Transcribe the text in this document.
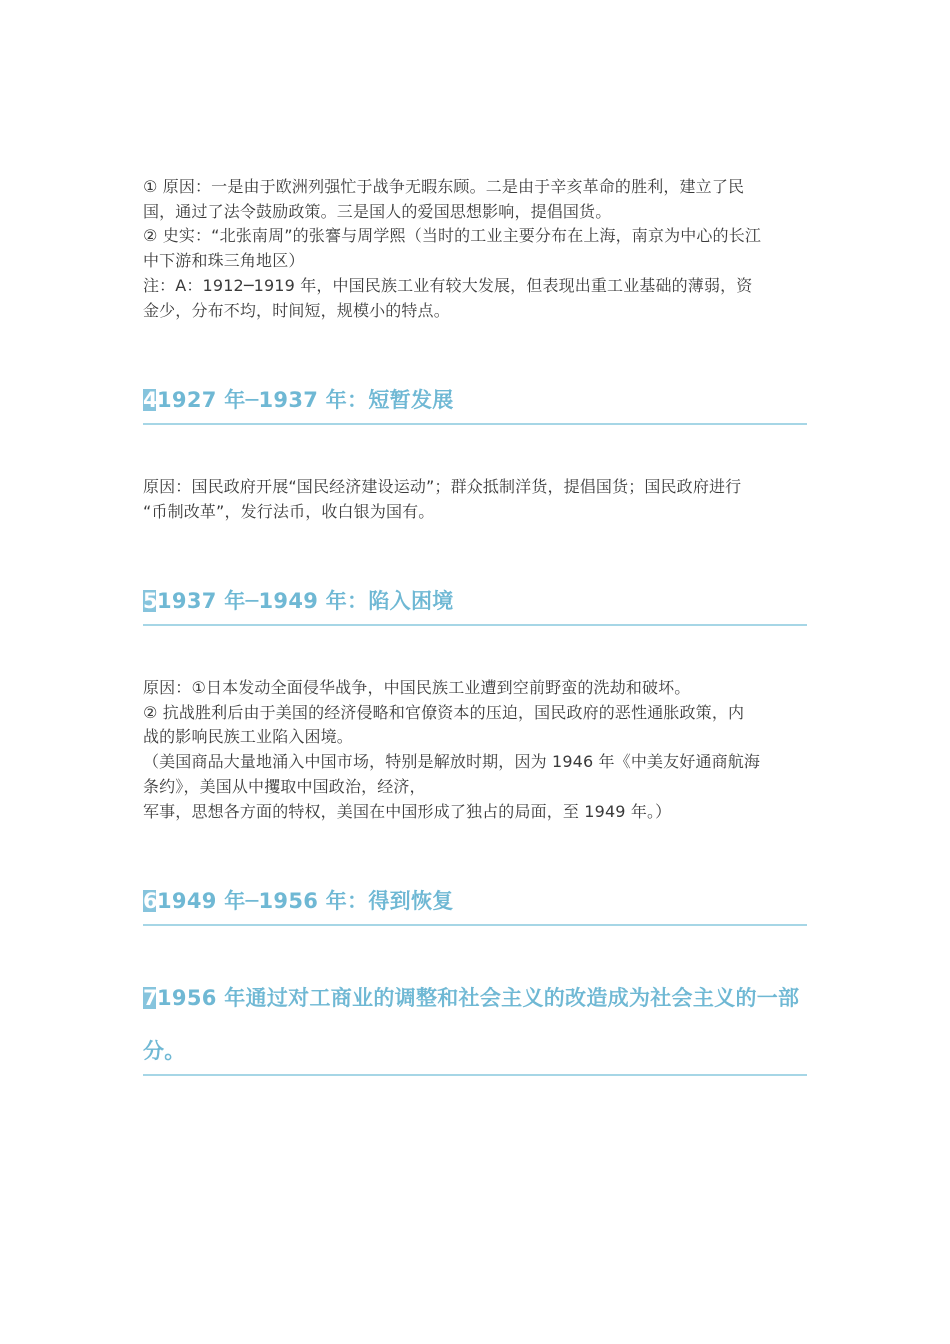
① 原因：一是由于欧洲列强忙于战争无暇东顾。二是由于辛亥革命的胜利，建立了民
国，通过了法令鼓励政策。三是国人的爱国思想影响，提倡国货。
② 史实：“北张南周”的张謇与周学熙（当时的工业主要分布在上海，南京为中心的长江
中下游和珠三角地区）
注：A：1912─1919 年，中国民族工业有较大发展，但表现出重工业基础的薄弱，资
金少，分布不均，时间短，规模小的特点。
41927 年─1937 年：短暂发展
原因：国民政府开展“国民经济建设运动”；群众抵制洋货，提倡国货；国民政府进行
“币制改革”，发行法币，收白银为国有。
51937 年─1949 年：陷入困境
原因：①日本发动全面侵华战争，中国民族工业遭到空前野蛮的洗劫和破坏。
② 抗战胜利后由于美国的经济侵略和官僚资本的压迫，国民政府的恶性通胀政策，内
战的影响民族工业陷入困境。
（美国商品大量地涌入中国市场，特别是解放时期，因为 1946 年《中美友好通商航海
条约》，美国从中攫取中国政治，经济，
军事，思想各方面的特权，美国在中国形成了独占的局面，至 1949 年。）
61949 年─1956 年：得到恢复
71956 年通过对工商业的调整和社会主义的改造成为社会主义的一部
分。
